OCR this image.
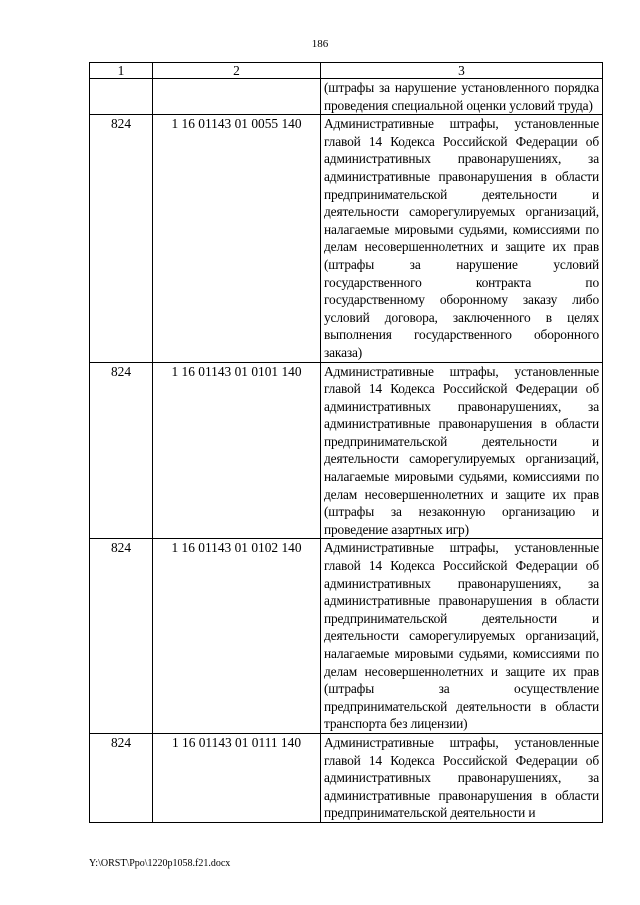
186
1	2	3
		(штрафы за нарушение установленного порядка проведения специальной оценки условий труда)
824	1 16 01143 01 0055 140	Административные штрафы, установленные главой 14 Кодекса Российской Федерации об административных правонарушениях, за административные правонарушения в области предпринимательской деятельности и деятельности саморегулируемых организаций, налагаемые мировыми судьями, комиссиями по делам несовершеннолетних и защите их прав (штрафы за нарушение условий государственного контракта по государственному оборонному заказу либо условий договора, заключенного в целях выполнения государственного оборонного заказа)
824	1 16 01143 01 0101 140	Административные штрафы, установленные главой 14 Кодекса Российской Федерации об административных правонарушениях, за административные правонарушения в области предпринимательской деятельности и деятельности саморегулируемых организаций, налагаемые мировыми судьями, комиссиями по делам несовершеннолетних и защите их прав (штрафы за незаконную организацию и проведение азартных игр)
824	1 16 01143 01 0102 140	Административные штрафы, установленные главой 14 Кодекса Российской Федерации об административных правонарушениях, за административные правонарушения в области предпринимательской деятельности и деятельности саморегулируемых организаций, налагаемые мировыми судьями, комиссиями по делам несовершеннолетних и защите их прав (штрафы за осуществление предпринимательской деятельности в области транспорта без лицензии)
824	1 16 01143 01 0111 140	Административные штрафы, установленные главой 14 Кодекса Российской Федерации об административных правонарушениях, за административные правонарушения в области предпринимательской деятельности и
Y:\ORST\Ppo\1220p1058.f21.docx
